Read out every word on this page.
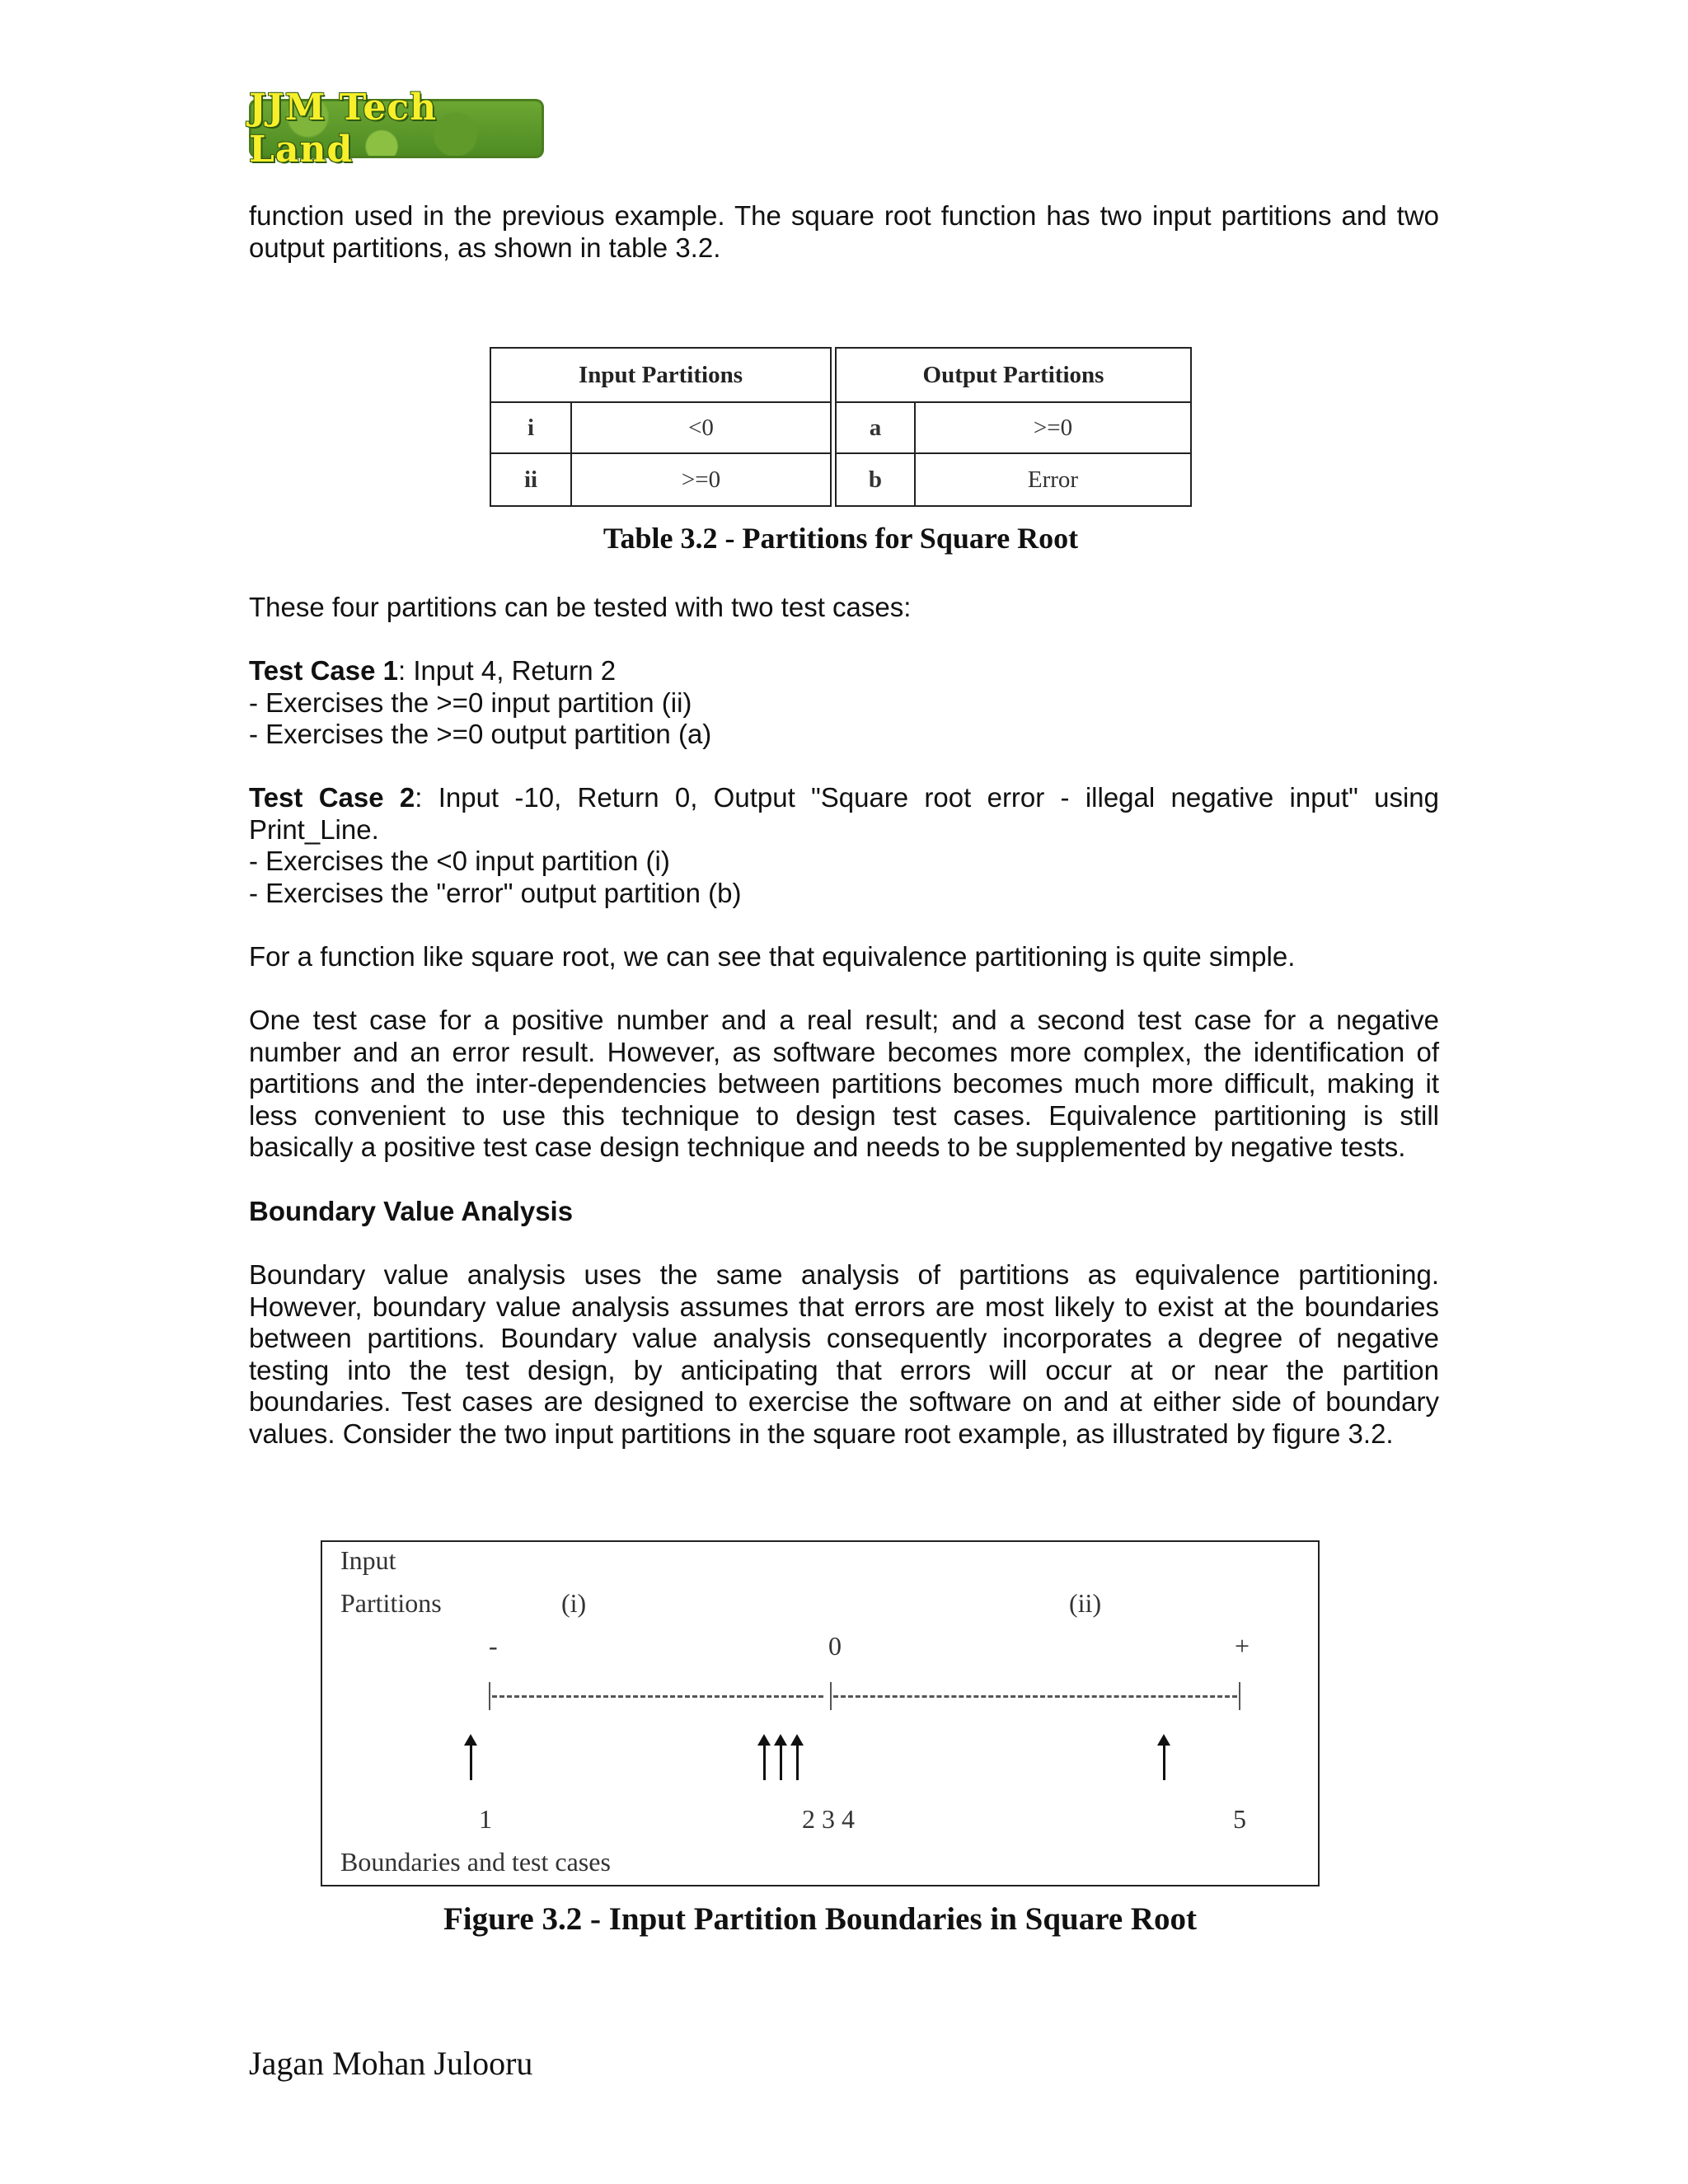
JJM Tech Land

function used in the previous example. The square root function has two input partitions and two
output partitions, as shown in table 3.2.

Input Partitions	Output Partitions
i	<0	a	>=0
ii	>=0	b	Error
Table 3.2 - Partitions for Square Root

These four partitions can be tested with two test cases:

Test Case 1: Input 4, Return 2
- Exercises the >=0 input partition (ii)
- Exercises the >=0 output partition (a)

Test Case 2: Input -10, Return 0, Output "Square root error - illegal negative input" using
Print_Line.
- Exercises the <0 input partition (i)
- Exercises the "error" output partition (b)

For a function like square root, we can see that equivalence partitioning is quite simple.

One test case for a positive number and a real result; and a second test case for a negative
number and an error result. However, as software becomes more complex, the identification of
partitions and the inter-dependencies between partitions becomes much more difficult, making it
less convenient to use this technique to design test cases. Equivalence partitioning is still
basically a positive test case design technique and needs to be supplemented by negative tests.

Boundary Value Analysis

Boundary value analysis uses the same analysis of partitions as equivalence partitioning.
However, boundary value analysis assumes that errors are most likely to exist at the boundaries
between partitions. Boundary value analysis consequently incorporates a degree of negative
testing into the test design, by anticipating that errors will occur at or near the partition
boundaries. Test cases are designed to exercise the software on and at either side of boundary
values. Consider the two input partitions in the square root example, as illustrated by figure 3.2.

Input
Partitions	(i)	(ii)
-	0	+
1	2 3 4	5
Boundaries and test cases
Figure 3.2 - Input Partition Boundaries in Square Root
Jagan Mohan Julooru
